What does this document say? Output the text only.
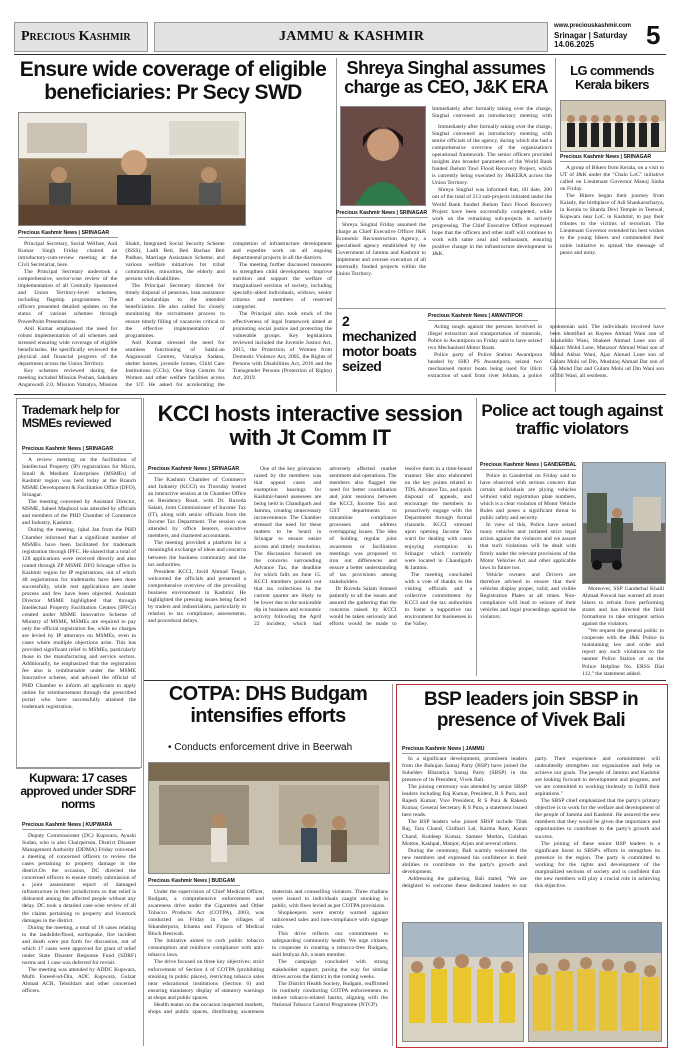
Precious Kashmir	JAMMU & KASHMIR
www.preciouskashmir.com
Srinagar | Saturday
14.06.2025 5
Ensure wide coverage of eligible beneficiaries: Pr Secy SWD
Precious Kashmir News | SRINAGAR

Principal Secretary, Social Welfare, Anil Kumar Singh Friday chaired an introductory-cum-review meeting at the Civil Secretariat, here.

The Principal Secretary undertook a comprehensive, sector-wise review of the implementation of all Centrally Sponsored and Union Territory-level schemes, including flagship programmes. The officers presented detailed updates on the status of various schemes through PowerPoint Presentations.

Anil Kumar emphasised the need for robust implementation of all schemes and stressed ensuring wide coverage of eligible beneficiaries. He specifically reviewed the physical and financial progress of the department across the Union Territory.

Key schemes reviewed during the meeting included Mission Poshan, Saksham Anganwadi 2.0, Mission Vatsalya, Mission Shakti, Integrated Social Security Scheme (ISSS), Ladli Beti, Beti Bachao Beti Padhao, Marriage Assistance Scheme, and various welfare initiatives for tribal communities, minorities, the elderly and persons with disabilities.

The Principal Secretary directed for timely disposal of pensions, loan assistance and scholarships to the intended beneficiaries. He also called for closely monitoring the recruitment process to ensure timely filling of vacancies critical to the effective implementation of programmes.

Anil Kumar stressed the need for seamless functioning of Sakhi-an Anganwadi Centres, Vatsalya Sadans, shelter homes, juvenile homes, Child Care Institutions (CCIs), One Stop Centres for Women and other welfare facilities across the UT. He asked for accelerating the completion of infrastructure development and expedite work on all ongoing departmental projects in all the districts.

The meeting further discussed measures to strengthen child development, improve nutrition and support the welfare of marginalized sections of society, including specially-abled individuals, widows, senior citizens and members of reserved categories.

The Principal also took stock of the effectiveness of legal framework aimed at promoting social justice and protecting the vulnerable groups. Key legislations reviewed included the Juvenile Justice Act, 2015, the Protection of Women from Domestic Violence Act, 2005, the Rights of Persons with Disabilities Act, 2016 and the Transgender Persons (Protection of Rights) Act, 2019.

Shreya Singhal assumes charge as CEO, J&K ERA
Precious Kashmir News | SRINAGAR

Shreya Singhal Friday assumed the charge as Chief Executive Officer J&K Economic Reconstruction Agency, a specialised agency established by the Government of Jammu and Kashmir to implement and oversee execution of all externally funded projects within the Union Territory.

Immediately after formally taking over the charge, Singhal convened an introductory meeting with senior officials of the agency, during which she had a comprehensive overview of the organization's operational framework. The senior officers provided insights into broader parameters of the World Bank funded Jhelum Tawi Flood Recovery Project, which is currently being executed by J&KERA across the Union Territory.

Shreya Singhal was informed that, till date, 200 out of the total of 213 sub-projects initiated under the World Bank funded Jhelum Tawi Flood Recovery Project have been successfully completed, while work on the remaining sub-projects is actively progressing. The Chief Executive Officer expressed hope that the officers and other staff will continue to work with same zeal and enthusiasm, ensuring positive change in the infrastructure development in J&K.

Immediately after formally taking over the charge, Singhal convened an introductory meeting with

LG commends Kerala bikers
Precious Kashmir News | SRINAGAR

A group of Bikers from Kerala, on a visit to UT of J&K under the "Chalo LoC" initiative called on Lieutenant Governor Manoj Sinha on Friday.

The Bikers began their journey from Kalady, the birthplace of Adi Shankaracharya, in Kerala to Sharda Devi Temple in Teetwal, Kupwara near LoC in Kashmir, to pay their tributes to the victims of terrorism. The Lieutenant Governor extended his best wishes to the young bikers and commended their noble initiative to spread the message of peace and unity.

2 mechanized motor boats seized
Precious Kashmir News | AWANTIPOR

Acting tough against the persons involved in illegal extraction and transportation of minerals, Police in Awantipora on Friday said to have seized two Mechanised Motor Boats.

Police party of Police Station Awantipora headed by SHO PS Awantipora, seized two mechanised motor boats being used for illicit extraction of sand from river Jehlum, a police spokesman said. The individuals involved have been identified as Rayees Ahmad Wani son of Jalaluddin Wani, Shakeel Ahmad Lone son of Khazir Mohd Lone, Manzoor Ahmad Wani son of Mohd Akbar Wani, Ajaz Ahmad Lone son of Gulam Mohi ud Din, Mushtaq Ahmad Dar son of Gh Mohd Dar and Gulam Mohi ud Din Wani son of Ibli Wani, all residents.

Trademark help for MSMEs reviewed
Precious Kashmir News | SRINAGAR

A review meeting on the facilitation of Intellectual Property (IP) registrations for Micro, Small & Medium Enterprises (MSMEs) of Kashmir region was held today at the Branch MSME Development & Facilitation Office (DFO), Srinagar.

The meeting convened by Assistant Director, MSME, Saheel Maqbool was attended by officials and members of the PHD Chamber of Commerce and Industry, Kashmir.

During the meeting, Iqbal Jan from the PHD Chamber informed that a significant number of MSMEs have been facilitated for trademark registration through IPFC. He shared that a total of 128 applications were received directly and also routed through ZP MSME DFO Srinagar office in Kashmir region for IP registrations, out of which 48 registrations for trademarks have been done successfully, while rest applications are under process and few have been objected. Assistant Director MSME highlighted that through Intellectual Property Facilitation Centres (IPFCs) created under MSME Innovative Scheme of Ministry of MSME, MSMEs are required to pay only the official registration fee, while no charges are levied by IP attorneys on MSMEs, even in cases where multiple objections arise. This has provided significant relief to MSMEs, particularly those in the manufacturing and service sectors. Additionally, he emphasized that the registration fee also is reimbursable under the MSME Innovative scheme, and advised the official of PHD Chamber to inform all applicants to apply online for reimbursement through the prescribed portal who have successfully attained the trademark registration.

KCCI hosts interactive session with Jt Comm IT
Precious Kashmir News | SRINAGAR

The Kashmir Chamber of Commerce and Industry (KCCI) on Thursday hosted an interactive session at its Chamber Office on Residency Road, with Dr. Ruveda Salam, Joint Commissioner of Income Tax (IT), along with senior officials from the Income Tax Department. The session was attended by office bearers, executive members, and chartered accountants.

The meeting provided a platform for a meaningful exchange of ideas and concerns between the business community and the tax authorities.

President KCCI, Javid Ahmad Tenga, welcomed the officials and presented a comprehensive overview of the prevailing business environment in Kashmir. He highlighted the pressing issues being faced by traders and industrialists, particularly in relation to tax compliance, assessments, and procedural delays.

One of the key grievances raised by the members was that appeal cases and exemption hearings for Kashmir-based assessees are being held in Chandigarh and Jammu, creating unnecessary inconvenience. The Chamber stressed the need for these matters to be heard in Srinagar to ensure easier access and timely resolution. The discussion focused on the concerns surrounding Advance Tax, the deadline for which falls on June 15. KCCI members pointed out that tax collections in the current quarter are likely to be lower due to the noticeable dip in business and economic activity following the April 22 incident, which had adversely affected market sentiment and operations. The members also flagged the need for better coordination and joint sessions between the KCCI, Income Tax and GST departments to streamline compliance processes and address overlapping issues. The idea of holding regular joint awareness or facilitation meetings was proposed to iron out differences and ensure a better understanding of tax provisions among stakeholders.

Dr Ruveda Salam listened patiently to all the issues and assured the gathering that the concerns raised by KCCI would be taken seriously and efforts would be made to resolve them in a time-bound manner. She also elaborated on the key points related to TDS, Advance Tax, and quick disposal of appeals, and encourage the members to proactively engage with the Department through formal channels. KCCI stressed upon opening Income Tax ward for dealing with cases enjoying exemption in Srinagar which currently were located in Chandigarh & Jammu.

The meeting concluded with a vote of thanks to the visiting officials and a collective commitment by KCCI and the tax authorities to foster a supportive tax environment for businesses in the Valley.

Police act tough against traffic violators
Precious Kashmir News | GANDERBAL

Police in Ganderbal on Friday said to have observed with serious concern that certain individuals are plying vehicles without valid registration plate numbers, which is a clear violation of Motor Vehicle Rules and poses a significant threat to public safety and security.

In view of this, Police have seized many vehicles and initiated strict legal action against the violators and we assure that such violations will be dealt with firmly under the relevant provisions of the Motor Vehicles Act and other applicable laws in future too.

Vehicle owners and Drivers are therefore advised to ensure that their vehicles display proper, valid, and visible Registration Plates at all times. Non-compliance will lead to seizure of their vehicles and legal proceedings against the violators.

Moreover, SSP Ganderbal Khalil Ahmad Poswal has warned all stunt bikers to refrain from performing stunts and has directed the field formations to take stringent action against the violators.

"We request the general public to cooperate with the J&K Police in maintaining law and order and report any such violations to the nearest Police Station or on the Police Helpline No. ERSS Dial 112," the statement added.

COTPA: DHS Budgam intensifies efforts
• Conducts enforcement drive in Beerwah
Precious Kashmir News | BUDGAM

Under the supervision of Chief Medical Officer, Budgam, a comprehensive enforcement and awareness drive under the Cigarettes and Other Tobacco Products Act (COTPA), 2003, was conducted on Friday in the villages of Sikanderpora, Ichama and Firpora of Medical Block Beerwah.

The initiative aimed to curb public tobacco consumption and reinforce compliance with anti-tobacco laws.

The drive focused on three key objectives: strict enforcement of Section 4 of COTPA (prohibiting smoking in public places), restricting tobacco sales near educational institutions (Section 6) and ensuring mandatory display of statutory warnings at shops and public spaces.

Health teams on the occasion inspected markets, shops and public spaces, distributing awareness materials and counselling violators. Three challans were issued to individuals caught smoking in public, with fines levied as per COTPA provisions.

Shopkeepers were sternly warned against unlicensed sales and non-compliance with signage rules.

This drive reflects our commitment to safeguarding community health. We urge citizens to cooperate in creating a tobacco-free Budgam, said Imtiyaz Ali, a team member.

The campaign concluded with strong stakeholder support, paving the way for similar drives across the district in the coming weeks.

The District Health Society, Budgam, reaffirmed its routinely conducting COTPA enforcements to reduce tobacco-related harms, aligning with the National Tobacco Control Programme (NTCP).

Kupwara: 17 cases approved under SDRF norms
Precious Kashmir News | KUPWARA

Deputy Commissioner (DC) Kupwara, Ayushi Sudan, who is also Chairperson, District Disaster Management Authority (DDMA) Friday convened a meeting of concerned officers to review the cases pertaining to property damage in the district.On the occasion, DC directed the concerned officers to ensure timely submission of a joint assessment report of damaged infrastructure in their jurisdictions so that relief is disbursed among the affected people without any delay. DC took a detailed case-wise review of all the claims pertaining to property and livestock damages in the district.

During the meeting, a total of 18 cases relating to the landslide/flood, earthquake, fire incident and death were put forth for discussion, out of which 17 cases were approved for grant of relief under State Disaster Response Fund (SDRF) norms and 1 case was deferred for revisit.

The meeting was attended by ADDC Kupwara, Mufti Fareed-ud-Din, ADC Kupwara, Gulzar Ahmad ACR, Tehsildars and other concerned officers.

BSP leaders join SBSP in presence of Vivek Bali
Precious Kashmir News | JAMMU

In a significant development, prominent leaders from the Bahujan Samaj Party (BSP) have joined the Suheldev Bharatiya Samaj Party (SBSP) in the presence of its President, Vivek Bali.

The joining ceremony was attended by senior SBSP leaders including Raj Kumar, President, R S Pura, and Rajesh Kumar, Vice President, R S Pura & Rakesh Kumar, General Secretary R S Pura, a statement issued here reads.

The BSP leaders who joined SBSP include Tilak Raj, Tara Chand, Girdhari Lal, Karma Ram, Karan Chand, Kuldeep Kumar, Sameer Motton, Gulshan Motton, Kashpal, Manjot, Arjun and several others.

During the ceremony, Bali warmly welcomed the new members and expressed his confidence in their abilities to contribute to the party's growth and development.

Addressing the gathering, Bali stated, "We are delighted to welcome these dedicated leaders to our party. Their experience and commitment will undoubtedly strengthen our organisation and help us achieve our goals. The people of Jammu and Kashmir are looking forward to development and progress, and we are committed to working tirelessly to fulfill their aspirations."

The SBSP chief emphasized that the party's primary objective is to work for the welfare and development of the people of Jammu and Kashmir. He assured the new members that they would be given due importance and opportunities to contribute to the party's growth and success.

The joining of these senior BSP leaders is a significant boost to SBSP's efforts to strengthen its presence in the region. The party is committed to working for the rights and development of the marginalized sections of society and is confident that the new members will play a crucial role in achieving this objective.
